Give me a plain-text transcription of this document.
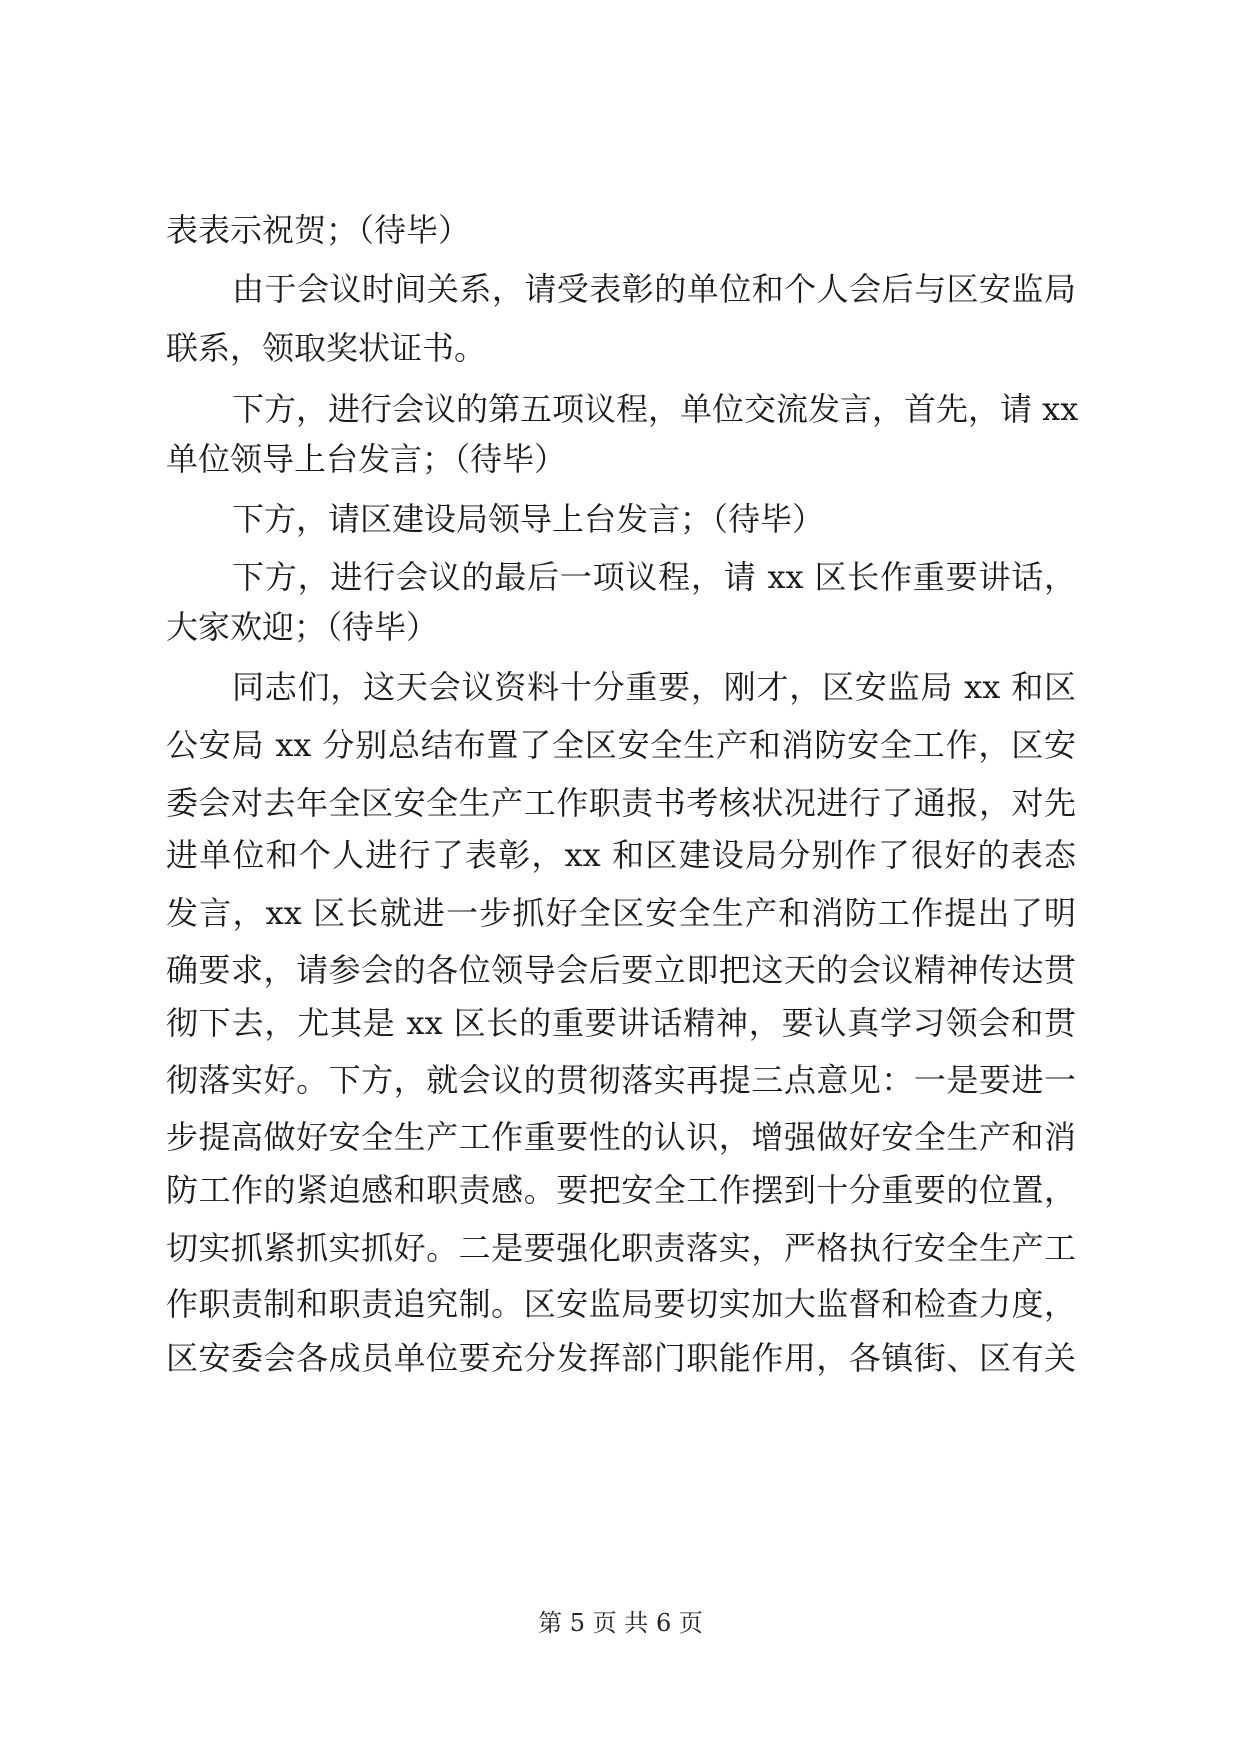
表表示祝贺；（待毕）
由于会议时间关系，请受表彰的单位和个人会后与区安监局
联系，领取奖状证书。
下方，进行会议的第五项议程，单位交流发言，首先，请 xx
单位领导上台发言；（待毕）
下方，请区建设局领导上台发言；（待毕）
下方，进行会议的最后一项议程，请 xx 区长作重要讲话，
大家欢迎；（待毕）
同志们，这天会议资料十分重要，刚才，区安监局 xx 和区
公安局 xx 分别总结布置了全区安全生产和消防安全工作，区安
委会对去年全区安全生产工作职责书考核状况进行了通报，对先
进单位和个人进行了表彰，xx 和区建设局分别作了很好的表态
发言，xx 区长就进一步抓好全区安全生产和消防工作提出了明
确要求，请参会的各位领导会后要立即把这天的会议精神传达贯
彻下去，尤其是 xx 区长的重要讲话精神，要认真学习领会和贯
彻落实好。下方，就会议的贯彻落实再提三点意见：一是要进一
步提高做好安全生产工作重要性的认识，增强做好安全生产和消
防工作的紧迫感和职责感。要把安全工作摆到十分重要的位置，
切实抓紧抓实抓好。二是要强化职责落实，严格执行安全生产工
作职责制和职责追究制。区安监局要切实加大监督和检查力度，
区安委会各成员单位要充分发挥部门职能作用，各镇街、区有关
第 5 页 共 6 页
